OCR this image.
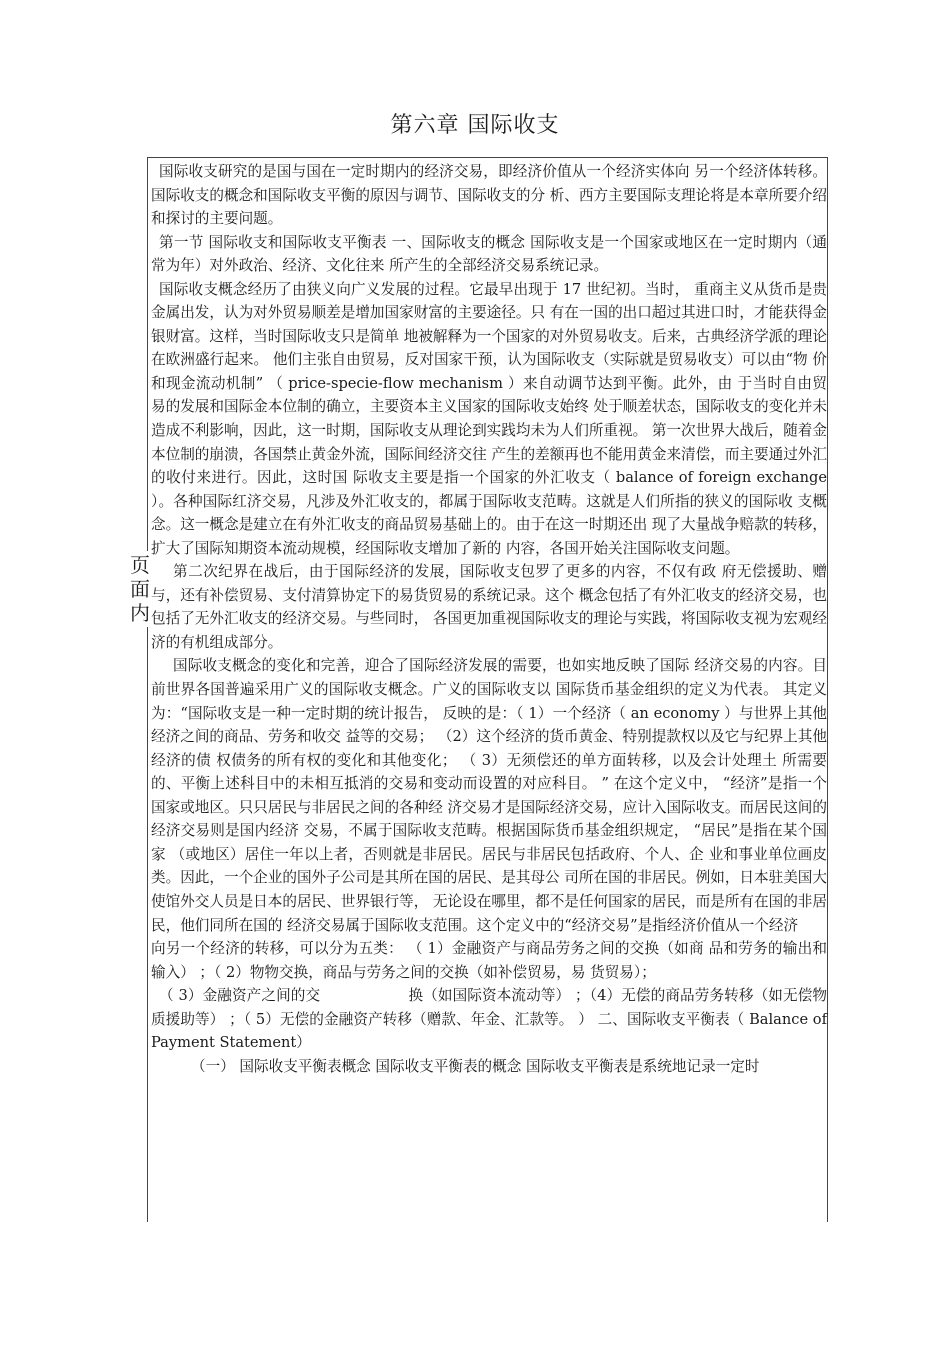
第六章 国际收支
页
面
内

国际收支研究的是国与国在一定时期内的经济交易，即经济价值从一个经济实体向 另一个经济体转移。国际收支的概念和国际收支平衡的原因与调节、国际收支的分 析、西方主要国际支理论将是本章所要介绍和探讨的主要问题。

第一节 国际收支和国际收支平衡表 一、国际收支的概念 国际收支是一个国家或地区在一定时期内（通常为年）对外政治、经济、文化往来 所产生的全部经济交易系统记录。

国际收支概念经历了由狭义向广义发展的过程。它最早出现于 17 世纪初。当时， 重商主义从货币是贵金属出发，认为对外贸易顺差是增加国家财富的主要途径。只 有在一国的出口超过其进口时，才能获得金银财富。这样，当时国际收支只是简单 地被解释为一个国家的对外贸易收支。后来，古典经济学派的理论在欧洲盛行起来。 他们主张自由贸易，反对国家干预，认为国际收支（实际就是贸易收支）可以由“物 价和现金流动机制” （ price-specie-flow mechanism ）来自动调节达到平衡。此外，由 于当时自由贸易的发展和国际金本位制的确立，主要资本主义国家的国际收支始终 处于顺差状态，国际收支的变化并未造成不利影响，因此，这一时期，国际收支从理论到实践均未为人们所重视。 第一次世界大战后，随着金本位制的崩溃，各国禁止黄金外流，国际间经济交往 产生的差额再也不能用黄金来清偿，而主要通过外汇的收付来进行。因此，这时国 际收支主要是指一个国家的外汇收支（ balance of foreign exchange ）。各种国际红济交易，凡涉及外汇收支的，都属于国际收支范畴。这就是人们所指的狭义的国际收 支概念。这一概念是建立在有外汇收支的商品贸易基础上的。由于在这一时期还出 现了大量战争赔款的转移，扩大了国际知期资本流动规模，经国际收支增加了新的 内容，各国开始关注国际收支问题。

第二次纪界在战后，由于国际经济的发展，国际收支包罗了更多的内容，不仅有政 府无偿援助、赠与，还有补偿贸易、支付清算协定下的易货贸易的系统记录。这个 概念包括了有外汇收支的经济交易，也包括了无外汇收支的经济交易。与些同时， 各国更加重视国际收支的理论与实践，将国际收支视为宏观经济的有机组成部分。

国际收支概念的变化和完善，迎合了国际经济发展的需要，也如实地反映了国际 经济交易的内容。目前世界各国普遍采用广义的国际收支概念。广义的国际收支以 国际货币基金组织的定义为代表。 其定义为：“国际收支是一种一定时期的统计报告， 反映的是：（ 1）一个经济（ an economy ）与世界上其他经济之间的商品、劳务和收交 益等的交易； （2）这个经济的货币黄金、特别提款权以及它与纪界上其他经济的债 权债务的所有权的变化和其他变化； （ 3）无须偿还的单方面转移，以及会计处理土 所需要的、平衡上述科目中的未相互抵消的交易和变动而设置的对应科目。 ” 在这个定义中， “经济”是指一个国家或地区。只只居民与非居民之间的各种经 济交易才是国际经济交易，应计入国际收支。而居民这间的经济交易则是国内经济 交易，不属于国际收支范畴。根据国际货币基金组织规定， “居民”是指在某个国家 （或地区）居住一年以上者，否则就是非居民。居民与非居民包括政府、个人、企 业和事业单位画皮类。因此，一个企业的国外子公司是其所在国的居民、是其母公 司所在国的非居民。例如，日本驻美国大使馆外交人员是日本的居民、世界银行等， 无论设在哪里，都不是任何国家的居民，而是所有在国的非居民，他们同所在国的 经济交易属于国际收支范围。这个定义中的“经济交易”是指经济价值从一个经济

向另一个经济的转移，可以分为五类： （ 1）金融资产与商品劳务之间的交换（如商 品和劳务的输出和输入） ；（ 2）物物交换，商品与劳务之间的交换（如补偿贸易，易 货贸易）；

（ 3）金融资产之间的交　　　　　　换（如国际资本流动等） ；（4）无偿的商品劳务转移（如无偿物质援助等） ；（ 5）无偿的金融资产转移（赠款、年金、汇款等。 ） 二、国际收支平衡表（ Balance of Payment Statement）

（一） 国际收支平衡表概念 国际收支平衡表的概念 国际收支平衡表是系统地记录一定时
